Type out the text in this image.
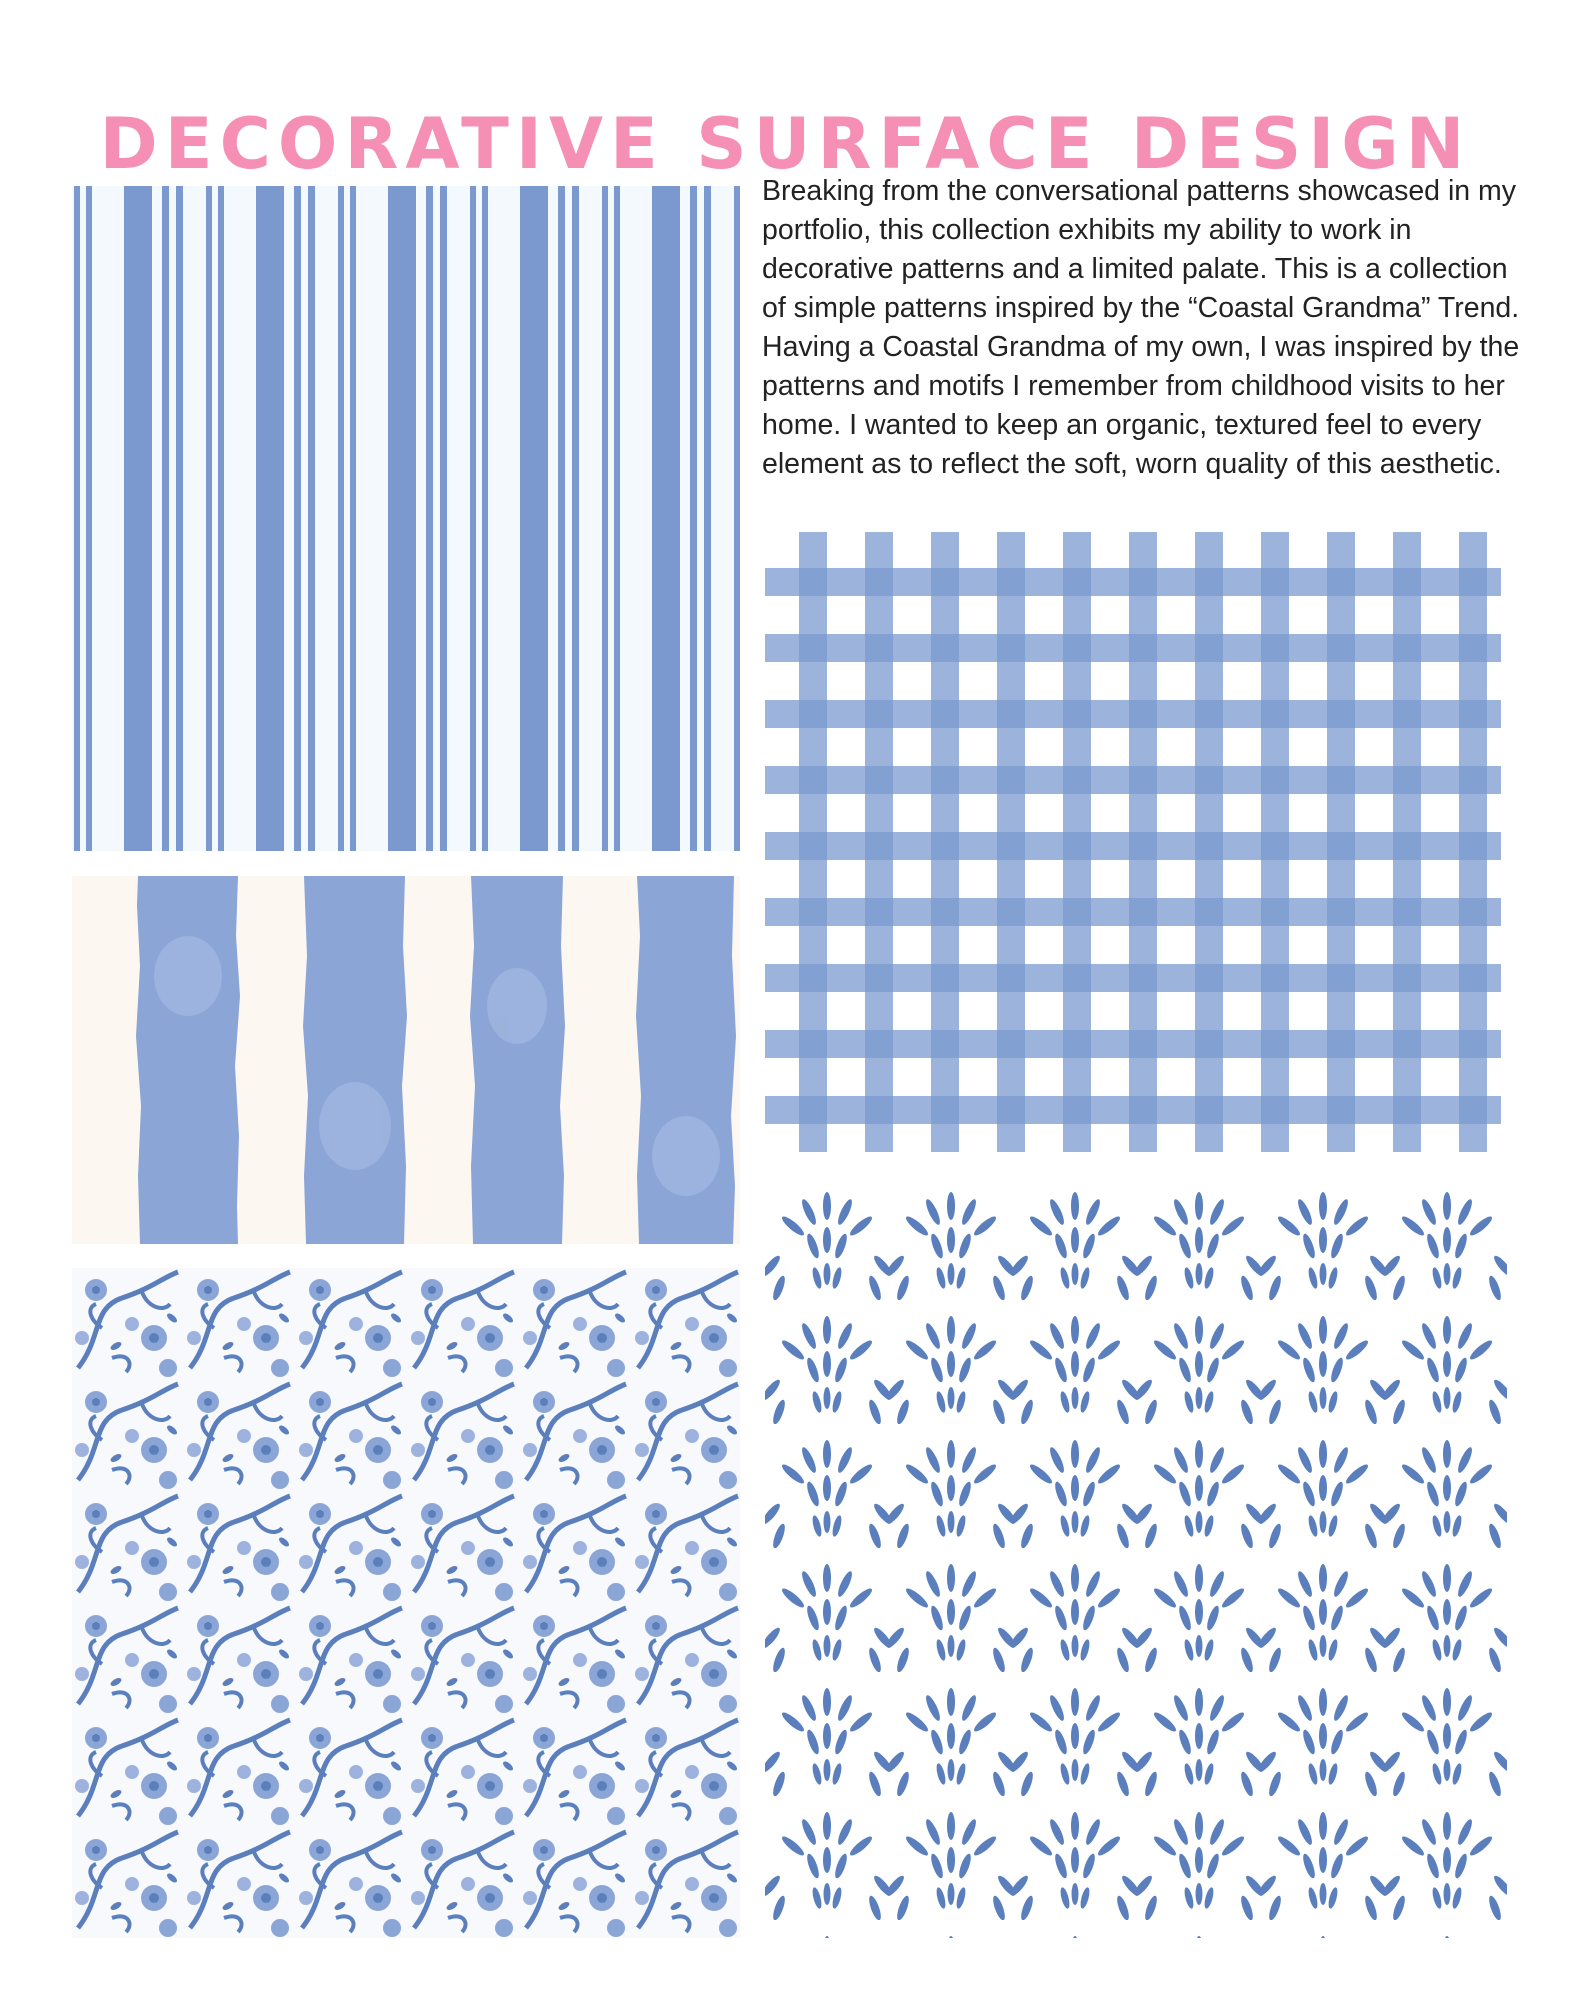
DECORATIVE SURFACE DESIGN

Breaking from the conversational patterns showcased in my portfolio, this collection exhibits my ability to work in decorative patterns and a limited palate. This is a collection of simple patterns inspired by the “Coastal Grandma” Trend. Having a Coastal Grandma of my own, I was inspired by the patterns and motifs I remember from childhood visits to her home. I wanted to keep an organic, textured feel to every element as to reflect the soft, worn quality of this aesthetic.
